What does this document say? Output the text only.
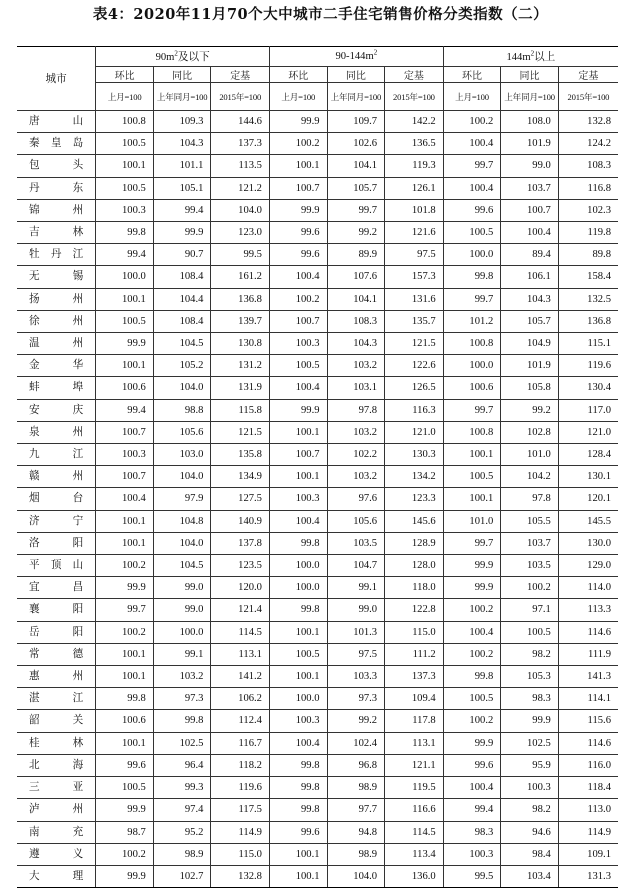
表4：2020年11月70个大中城市二手住宅销售价格分类指数（二）
城市	$90m^2$及以下			$90-144m^2$			$144m^2$以上		
	环比	同比	定基	环比	同比	定基	环比	同比	定基
	上月=100	上年同月=100	2015年=100	上月=100	上年同月=100	2015年=100	上月=100	上年同月=100	2015年=100
唐山	100.8	109.3	144.6	99.9	109.7	142.2	100.2	108.0	132.8
秦皇岛	100.5	104.3	137.3	100.2	102.6	136.5	100.4	101.9	124.2
包头	100.1	101.1	113.5	100.1	104.1	119.3	99.7	99.0	108.3
丹东	100.5	105.1	121.2	100.7	105.7	126.1	100.4	103.7	116.8
锦州	100.3	99.4	104.0	99.9	99.7	101.8	99.6	100.7	102.3
吉林	99.8	99.9	123.0	99.6	99.2	121.6	100.5	100.4	119.8
牡丹江	99.4	90.7	99.5	99.6	89.9	97.5	100.0	89.4	89.8
无锡	100.0	108.4	161.2	100.4	107.6	157.3	99.8	106.1	158.4
扬州	100.1	104.4	136.8	100.2	104.1	131.6	99.7	104.3	132.5
徐州	100.5	108.4	139.7	100.7	108.3	135.7	101.2	105.7	136.8
温州	99.9	104.5	130.8	100.3	104.3	121.5	100.8	104.9	115.1
金华	100.1	105.2	131.2	100.5	103.2	122.6	100.0	101.9	119.6
蚌埠	100.6	104.0	131.9	100.4	103.1	126.5	100.6	105.8	130.4
安庆	99.4	98.8	115.8	99.9	97.8	116.3	99.7	99.2	117.0
泉州	100.7	105.6	121.5	100.1	103.2	121.0	100.8	102.8	121.0
九江	100.3	103.0	135.8	100.7	102.2	130.3	100.1	101.0	128.4
赣州	100.7	104.0	134.9	100.1	103.2	134.2	100.5	104.2	130.1
烟台	100.4	97.9	127.5	100.3	97.6	123.3	100.1	97.8	120.1
济宁	100.1	104.8	140.9	100.4	105.6	145.6	101.0	105.5	145.5
洛阳	100.1	104.0	137.8	99.8	103.5	128.9	99.7	103.7	130.0
平顶山	100.2	104.5	123.5	100.0	104.7	128.0	99.9	103.5	129.0
宜昌	99.9	99.0	120.0	100.0	99.1	118.0	99.9	100.2	114.0
襄阳	99.7	99.0	121.4	99.8	99.0	122.8	100.2	97.1	113.3
岳阳	100.2	100.0	114.5	100.1	101.3	115.0	100.4	100.5	114.6
常德	100.1	99.1	113.1	100.5	97.5	111.2	100.2	98.2	111.9
惠州	100.1	103.2	141.2	100.1	103.3	137.3	99.8	105.3	141.3
湛江	99.8	97.3	106.2	100.0	97.3	109.4	100.5	98.3	114.1
韶关	100.6	99.8	112.4	100.3	99.2	117.8	100.2	99.9	115.6
桂林	100.1	102.5	116.7	100.4	102.4	113.1	99.9	102.5	114.6
北海	99.6	96.4	118.2	99.8	96.8	121.1	99.6	95.9	116.0
三亚	100.5	99.3	119.6	99.8	98.9	119.5	100.4	100.3	118.4
泸州	99.9	97.4	117.5	99.8	97.7	116.6	99.4	98.2	113.0
南充	98.7	95.2	114.9	99.6	94.8	114.5	98.3	94.6	114.9
遵义	100.2	98.9	115.0	100.1	98.9	113.4	100.3	98.4	109.1
大理	99.9	102.7	132.8	100.1	104.0	136.0	99.5	103.4	131.3
